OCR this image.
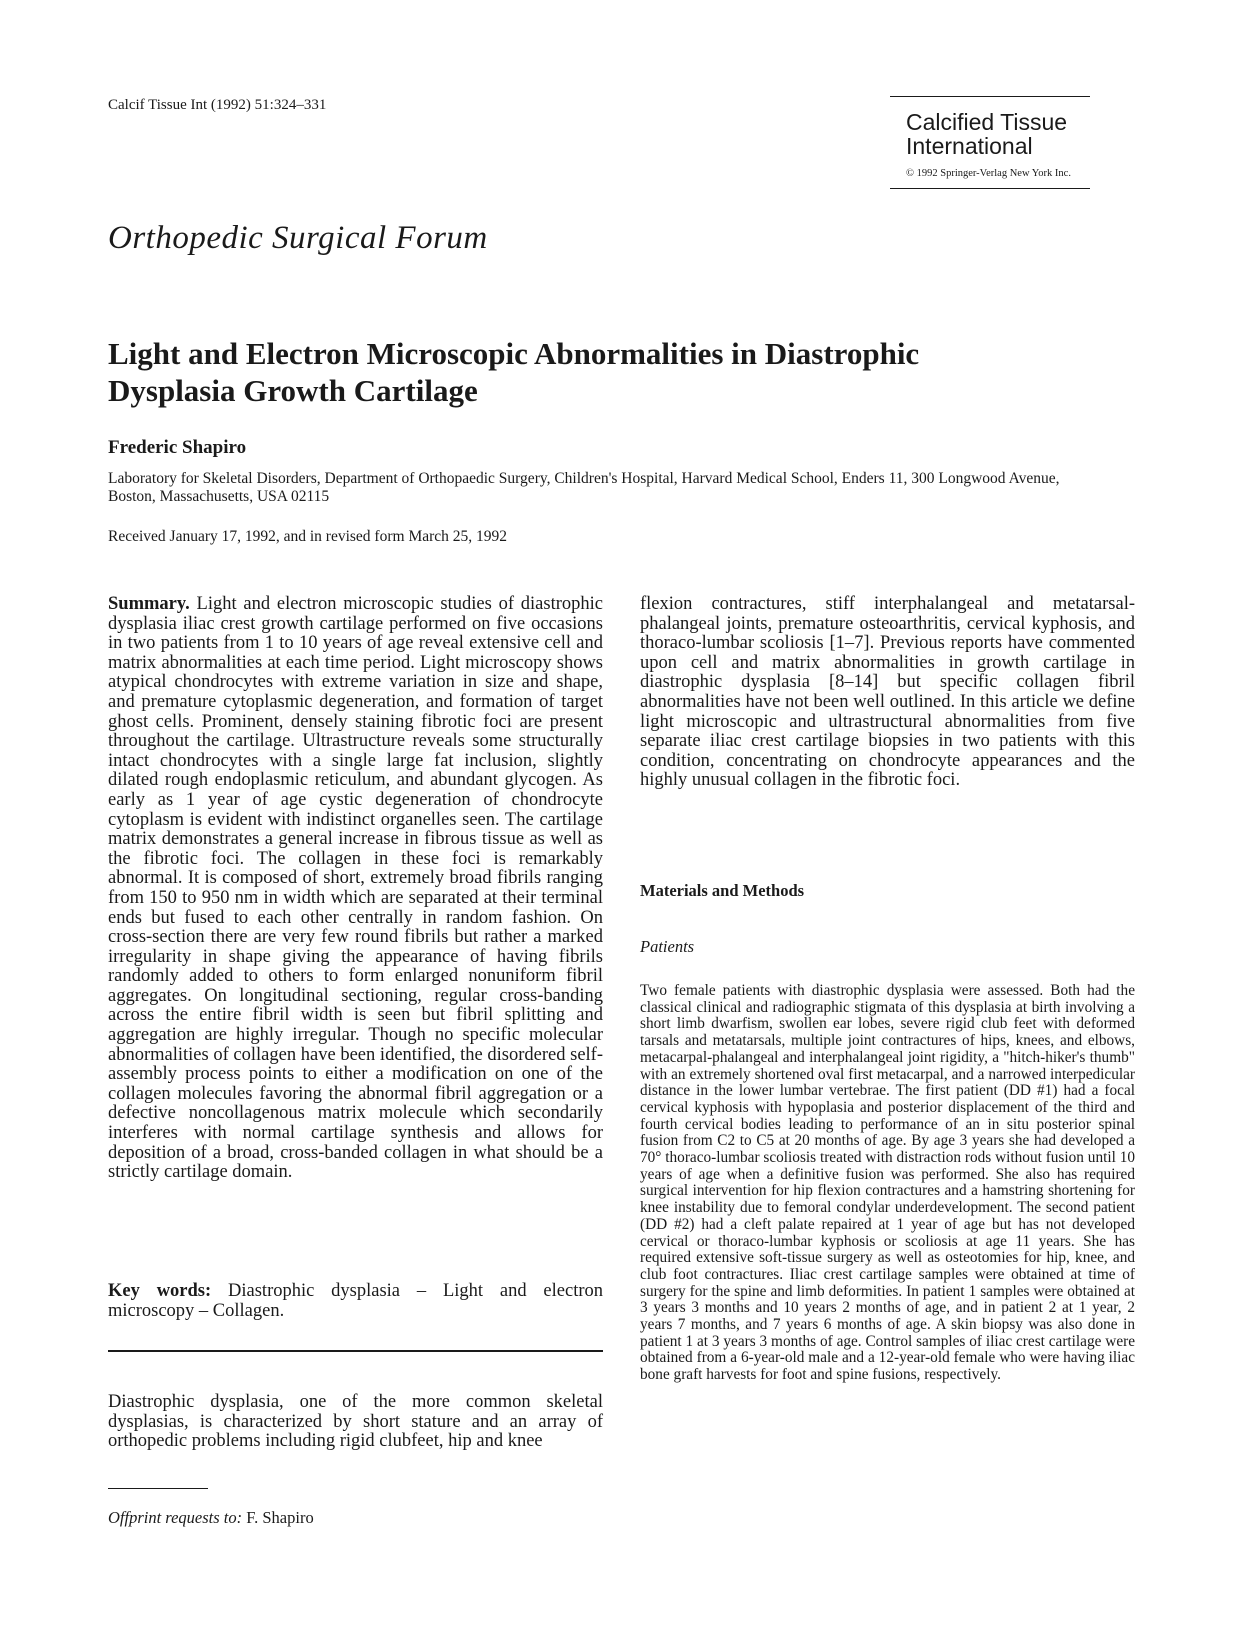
Calcif Tissue Int (1992) 51:324–331
Calcified Tissue
International
© 1992 Springer-Verlag New York Inc.
Orthopedic Surgical Forum
Light and Electron Microscopic Abnormalities in Diastrophic Dysplasia Growth Cartilage
Frederic Shapiro
Laboratory for Skeletal Disorders, Department of Orthopaedic Surgery, Children's Hospital, Harvard Medical School, Enders 11, 300 Longwood Avenue, Boston, Massachusetts, USA 02115
Received January 17, 1992, and in revised form March 25, 1992
Summary. Light and electron microscopic studies of diastrophic dysplasia iliac crest growth cartilage performed on five occasions in two patients from 1 to 10 years of age reveal extensive cell and matrix abnormalities at each time period. Light microscopy shows atypical chondrocytes with extreme variation in size and shape, and premature cytoplasmic degeneration, and formation of target ghost cells. Prominent, densely staining fibrotic foci are present throughout the cartilage. Ultrastructure reveals some structurally intact chondrocytes with a single large fat inclusion, slightly dilated rough endoplasmic reticulum, and abundant glycogen. As early as 1 year of age cystic degeneration of chondrocyte cytoplasm is evident with indistinct organelles seen. The cartilage matrix demonstrates a general increase in fibrous tissue as well as the fibrotic foci. The collagen in these foci is remarkably abnormal. It is composed of short, extremely broad fibrils ranging from 150 to 950 nm in width which are separated at their terminal ends but fused to each other centrally in random fashion. On cross-section there are very few round fibrils but rather a marked irregularity in shape giving the appearance of having fibrils randomly added to others to form enlarged nonuniform fibril aggregates. On longitudinal sectioning, regular cross-banding across the entire fibril width is seen but fibril splitting and aggregation are highly irregular. Though no specific molecular abnormalities of collagen have been identified, the disordered self-assembly process points to either a modification on one of the collagen molecules favoring the abnormal fibril aggregation or a defective noncollagenous matrix molecule which secondarily interferes with normal cartilage synthesis and allows for deposition of a broad, cross-banded collagen in what should be a strictly cartilage domain.
Key words: Diastrophic dysplasia – Light and electron microscopy – Collagen.
Diastrophic dysplasia, one of the more common skeletal dysplasias, is characterized by short stature and an array of orthopedic problems including rigid clubfeet, hip and knee
Offprint requests to: F. Shapiro
flexion contractures, stiff interphalangeal and metatarsal-phalangeal joints, premature osteoarthritis, cervical kyphosis, and thoraco-lumbar scoliosis [1–7]. Previous reports have commented upon cell and matrix abnormalities in growth cartilage in diastrophic dysplasia [8–14] but specific collagen fibril abnormalities have not been well outlined. In this article we define light microscopic and ultrastructural abnormalities from five separate iliac crest cartilage biopsies in two patients with this condition, concentrating on chondrocyte appearances and the highly unusual collagen in the fibrotic foci.
Materials and Methods
Patients
Two female patients with diastrophic dysplasia were assessed. Both had the classical clinical and radiographic stigmata of this dysplasia at birth involving a short limb dwarfism, swollen ear lobes, severe rigid club feet with deformed tarsals and metatarsals, multiple joint contractures of hips, knees, and elbows, metacarpal-phalangeal and interphalangeal joint rigidity, a "hitch-hiker's thumb" with an extremely shortened oval first metacarpal, and a narrowed interpedicular distance in the lower lumbar vertebrae. The first patient (DD #1) had a focal cervical kyphosis with hypoplasia and posterior displacement of the third and fourth cervical bodies leading to performance of an in situ posterior spinal fusion from C2 to C5 at 20 months of age. By age 3 years she had developed a 70° thoraco-lumbar scoliosis treated with distraction rods without fusion until 10 years of age when a definitive fusion was performed. She also has required surgical intervention for hip flexion contractures and a hamstring shortening for knee instability due to femoral condylar underdevelopment. The second patient (DD #2) had a cleft palate repaired at 1 year of age but has not developed cervical or thoraco-lumbar kyphosis or scoliosis at age 11 years. She has required extensive soft-tissue surgery as well as osteotomies for hip, knee, and club foot contractures. Iliac crest cartilage samples were obtained at time of surgery for the spine and limb deformities. In patient 1 samples were obtained at 3 years 3 months and 10 years 2 months of age, and in patient 2 at 1 year, 2 years 7 months, and 7 years 6 months of age. A skin biopsy was also done in patient 1 at 3 years 3 months of age. Control samples of iliac crest cartilage were obtained from a 6-year-old male and a 12-year-old female who were having iliac bone graft harvests for foot and spine fusions, respectively.
